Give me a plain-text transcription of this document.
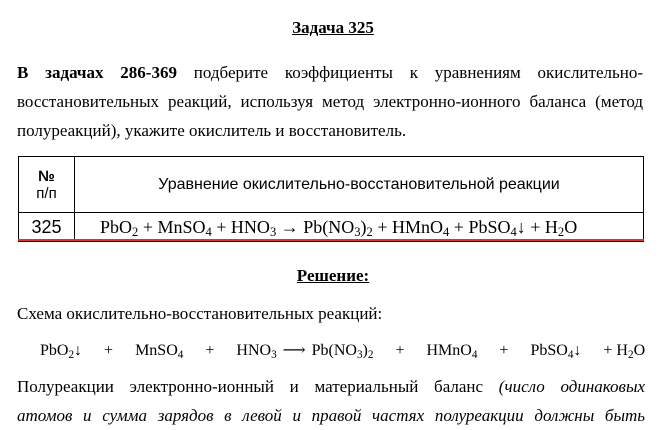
Задача 325
В задачах 286-369 подберите коэффициенты к уравнениям окислительно-
восстановительных реакций, используя метод электронно-ионного баланса (метод
полуреакций), укажите окислитель и восстановитель.
№
п/п	Уравнение окислительно-восстановительной реакции
325	PbO$_2$ + MnSO$_4$ + $HNO_3 \to Pb(NO_3)_2$ + HMnO$_4$ + PbSO$_4$↓ + $H_2O$
Решение:
Схема окислительно-восстановительных реакций:
PbO$_2$↓ + MnSO$_4$ + $HNO_3$ ⟶ $Pb(NO_3)_2$ + HMnO$_4$ + PbSO$_4$↓ + $H_2O$
Полуреакции электронно-ионный и материальный баланс (число одинаковых
атомов и сумма зарядов в левой и правой частях полуреакции должны быть
